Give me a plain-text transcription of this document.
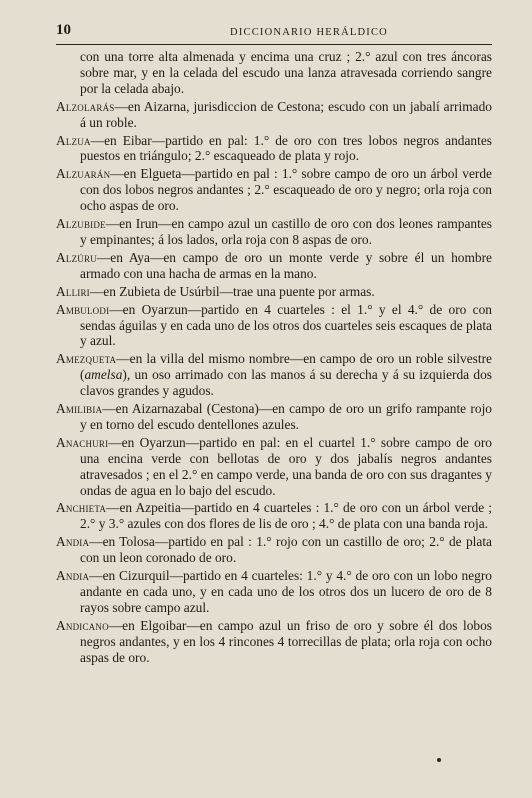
10	DICCIONARIO HERÁLDICO

con una torre alta almenada y encima una cruz ; 2.° azul con tres áncoras sobre mar, y en la celada del escudo una lanza atravesada corriendo sangre por la celada abajo.

Alzolarás—en Aizarna, jurisdiccion de Cestona; escudo con un jabalí arrimado á un roble.

Alzua—en Eibar—partido en pal: 1.° de oro con tres lobos negros andantes puestos en triángulo; 2.° escaqueado de plata y rojo.

Alzuarán—en Elgueta—partido en pal : 1.° sobre campo de oro un árbol verde con dos lobos negros andantes ; 2.° escaqueado de oro y negro; orla roja con ocho aspas de oro.

Alzubide—en Irun—en campo azul un castillo de oro con dos leones rampantes y empinantes; á los lados, orla roja con 8 aspas de oro.

Alzúru—en Aya—en campo de oro un monte verde y sobre él un hombre armado con una hacha de armas en la mano.

Alliri—en Zubieta de Usúrbil—trae una puente por armas.

Ambulodi—en Oyarzun—partido en 4 cuarteles : el 1.° y el 4.° de oro con sendas águilas y en cada uno de los otros dos cuarteles seis escaques de plata y azul.

Amezqueta—en la villa del mismo nombre—en campo de oro un roble silvestre (amelsa), un oso arrimado con las manos á su derecha y á su izquierda dos clavos grandes y agudos.

Amilibia—en Aizarnazabal (Cestona)—en campo de oro un grifo rampante rojo y en torno del escudo dentellones azules.

Anachuri—en Oyarzun—partido en pal: en el cuartel 1.° sobre campo de oro una encina verde con bellotas de oro y dos jabalís negros andantes atravesados ; en el 2.° en campo verde, una banda de oro con sus dragantes y ondas de agua en lo bajo del escudo.

Anchieta—en Azpeitia—partido en 4 cuarteles : 1.° de oro con un árbol verde ; 2.° y 3.° azules con dos flores de lis de oro ; 4.° de plata con una banda roja.

Andia—en Tolosa—partido en pal : 1.° rojo con un castillo de oro; 2.° de plata con un leon coronado de oro.

Andia—en Cizurquil—partido en 4 cuarteles: 1.° y 4.° de oro con un lobo negro andante en cada uno, y en cada uno de los otros dos un lucero de oro de 8 rayos sobre campo azul.

Andicano—en Elgoibar—en campo azul un friso de oro y sobre él dos lobos negros andantes, y en los 4 rincones 4 torrecillas de plata; orla roja con ocho aspas de oro.
